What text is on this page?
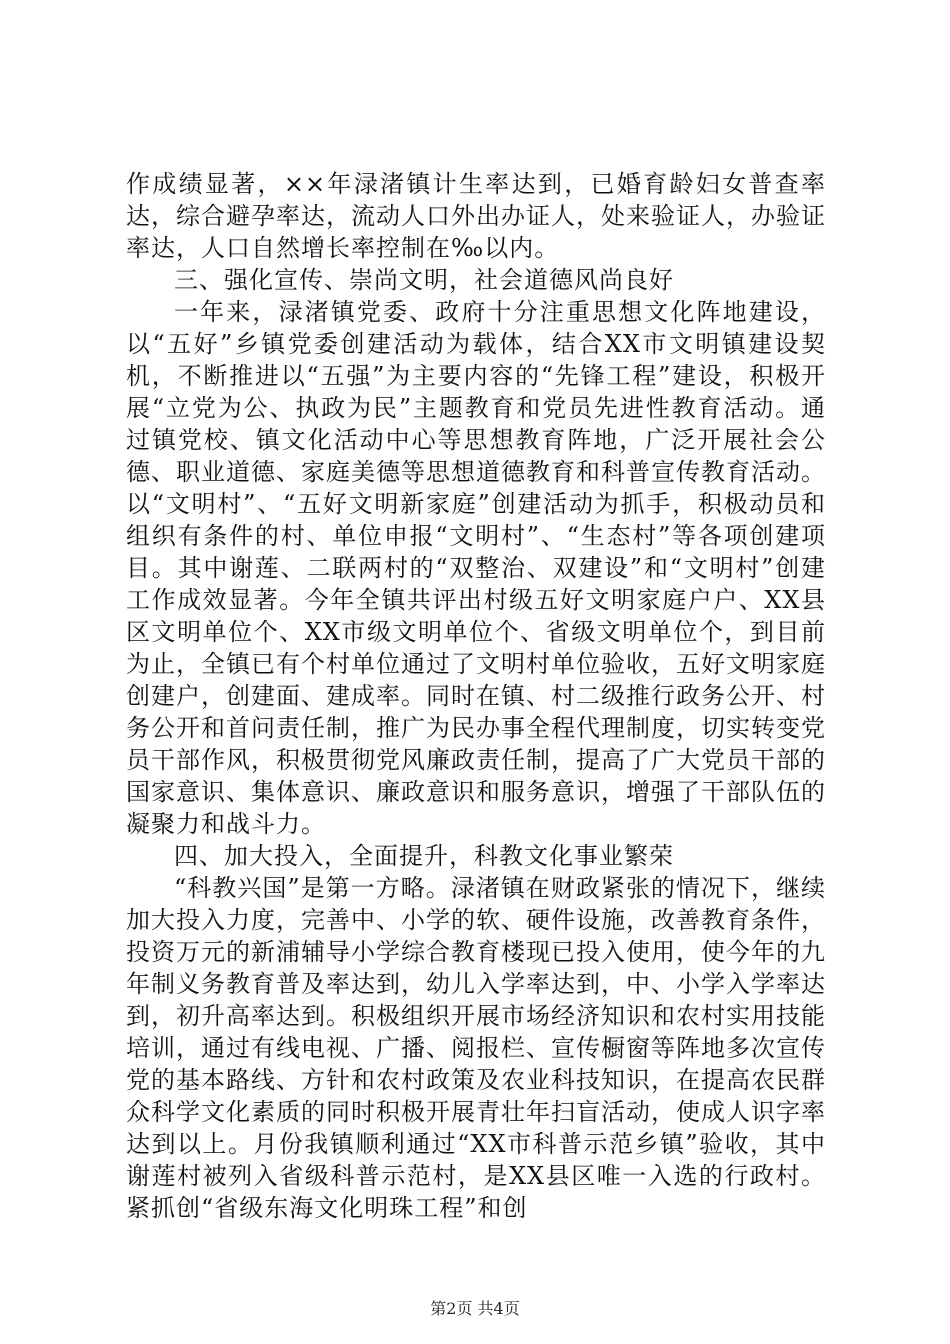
作成绩显著，××年渌渚镇计生率达到，已婚育龄妇女普查率达，综合避孕率达，流动人口外出办证人，处来验证人，办验证率达，人口自然增长率控制在‰以内。

三、强化宣传、崇尚文明，社会道德风尚良好

一年来，渌渚镇党委、政府十分注重思想文化阵地建设，以“五好”乡镇党委创建活动为载体，结合XX市文明镇建设契机，不断推进以“五强”为主要内容的“先锋工程”建设，积极开展“立党为公、执政为民”主题教育和党员先进性教育活动。通过镇党校、镇文化活动中心等思想教育阵地，广泛开展社会公德、职业道德、家庭美德等思想道德教育和科普宣传教育活动。以“文明村”、“五好文明新家庭”创建活动为抓手，积极动员和组织有条件的村、单位申报“文明村”、“生态村”等各项创建项目。其中谢莲、二联两村的“双整治、双建设”和“文明村”创建工作成效显著。今年全镇共评出村级五好文明家庭户户、XX县区文明单位个、XX市级文明单位个、省级文明单位个，到目前为止，全镇已有个村单位通过了文明村单位验收，五好文明家庭创建户，创建面、建成率。同时在镇、村二级推行政务公开、村务公开和首问责任制，推广为民办事全程代理制度，切实转变党员干部作风，积极贯彻党风廉政责任制，提高了广大党员干部的国家意识、集体意识、廉政意识和服务意识，增强了干部队伍的凝聚力和战斗力。

四、加大投入，全面提升，科教文化事业繁荣

“科教兴国”是第一方略。渌渚镇在财政紧张的情况下，继续加大投入力度，完善中、小学的软、硬件设施，改善教育条件，投资万元的新浦辅导小学综合教育楼现已投入使用，使今年的九年制义务教育普及率达到，幼儿入学率达到，中、小学入学率达到，初升高率达到。积极组织开展市场经济知识和农村实用技能培训，通过有线电视、广播、阅报栏、宣传橱窗等阵地多次宣传党的基本路线、方针和农村政策及农业科技知识，在提高农民群众科学文化素质的同时积极开展青壮年扫盲活动，使成人识字率达到以上。月份我镇顺利通过“XX市科普示范乡镇”验收，其中谢莲村被列入省级科普示范村，是XX县区唯一入选的行政村。紧抓创“省级东海文化明珠工程”和创

第2页 共4页
